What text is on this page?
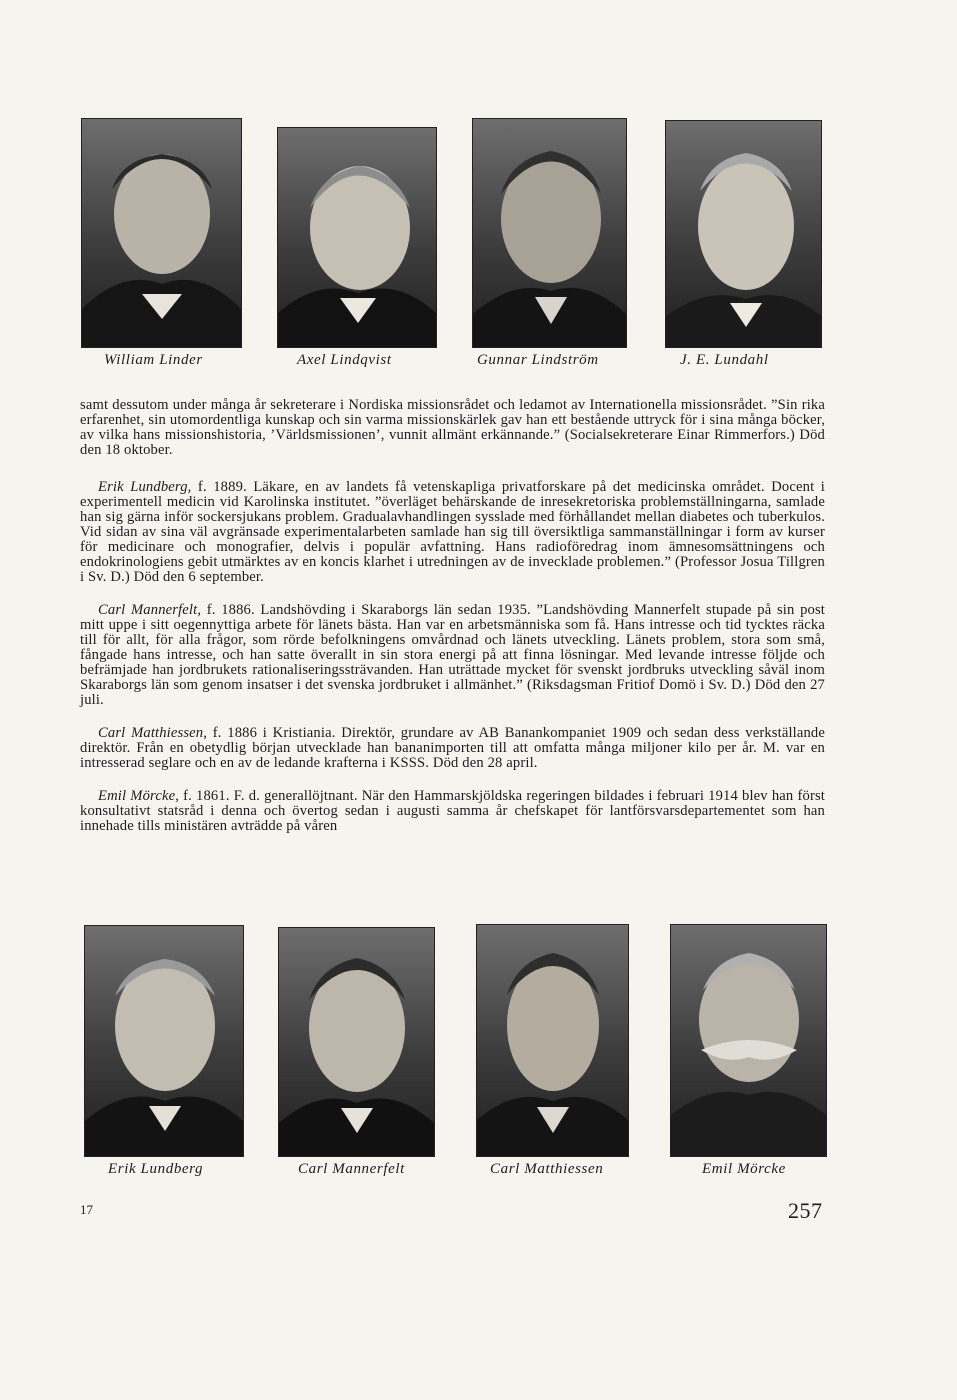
William Linder	Axel Lindqvist	Gunnar Lindström	J. E. Lundahl

samt dessutom under många år sekreterare i Nordiska missionsrådet och ledamot av Internationella missionsrådet. ”Sin rika erfarenhet, sin utomordentliga kunskap och sin varma missionskärlek gav han ett bestående uttryck för i sina många böcker, av vilka hans missionshistoria, ’Världsmissionen’, vunnit allmänt erkännande.” (Socialsekreterare Einar Rimmerfors.) Död den 18 oktober.

Erik Lundberg, f. 1889. Läkare, en av landets få vetenskapliga privatforskare på det medicinska området. Docent i experimentell medicin vid Karolinska institutet. ”överläget behärskande de inresekretoriska problemställningarna, samlade han sig gärna inför sockersjukans problem. Gradualavhandlingen sysslade med förhållandet mellan diabetes och tuberkulos. Vid sidan av sina väl avgränsade experimentalarbeten samlade han sig till översiktliga sammanställningar i form av kurser för medicinare och monografier, delvis i populär avfattning. Hans radioföredrag inom ämnesomsättningens och endokrinologiens gebit utmärktes av en koncis klarhet i utredningen av de invecklade problemen.” (Professor Josua Tillgren i Sv. D.) Död den 6 september.

Carl Mannerfelt, f. 1886. Landshövding i Skaraborgs län sedan 1935. ”Landshövding Mannerfelt stupade på sin post mitt uppe i sitt oegennyttiga arbete för länets bästa. Han var en arbetsmänniska som få. Hans intresse och tid tycktes räcka till för allt, för alla frågor, som rörde befolkningens omvårdnad och länets utveckling. Länets problem, stora som små, fångade hans intresse, och han satte överallt in sin stora energi på att finna lösningar. Med levande intresse följde och befrämjade han jordbrukets rationaliseringssträvanden. Han uträttade mycket för svenskt jordbruks utveckling såväl inom Skaraborgs län som genom insatser i det svenska jordbruket i allmänhet.” (Riksdagsman Fritiof Domö i Sv. D.) Död den 27 juli.

Carl Matthiessen, f. 1886 i Kristiania. Direktör, grundare av AB Banankompaniet 1909 och sedan dess verkställande direktör. Från en obetydlig början utvecklade han bananimporten till att omfatta många miljoner kilo per år. M. var en intresserad seglare och en av de ledande krafterna i KSSS. Död den 28 april.

Emil Mörcke, f. 1861. F. d. generallöjtnant. När den Hammarskjöldska regeringen bildades i februari 1914 blev han först konsultativt statsråd i denna och övertog sedan i augusti samma år chefskapet för lantförsvarsdepartementet som han innehade tills ministären avträdde på våren

Erik Lundberg	Carl Mannerfelt	Carl Matthiessen	Emil Mörcke
17	257
